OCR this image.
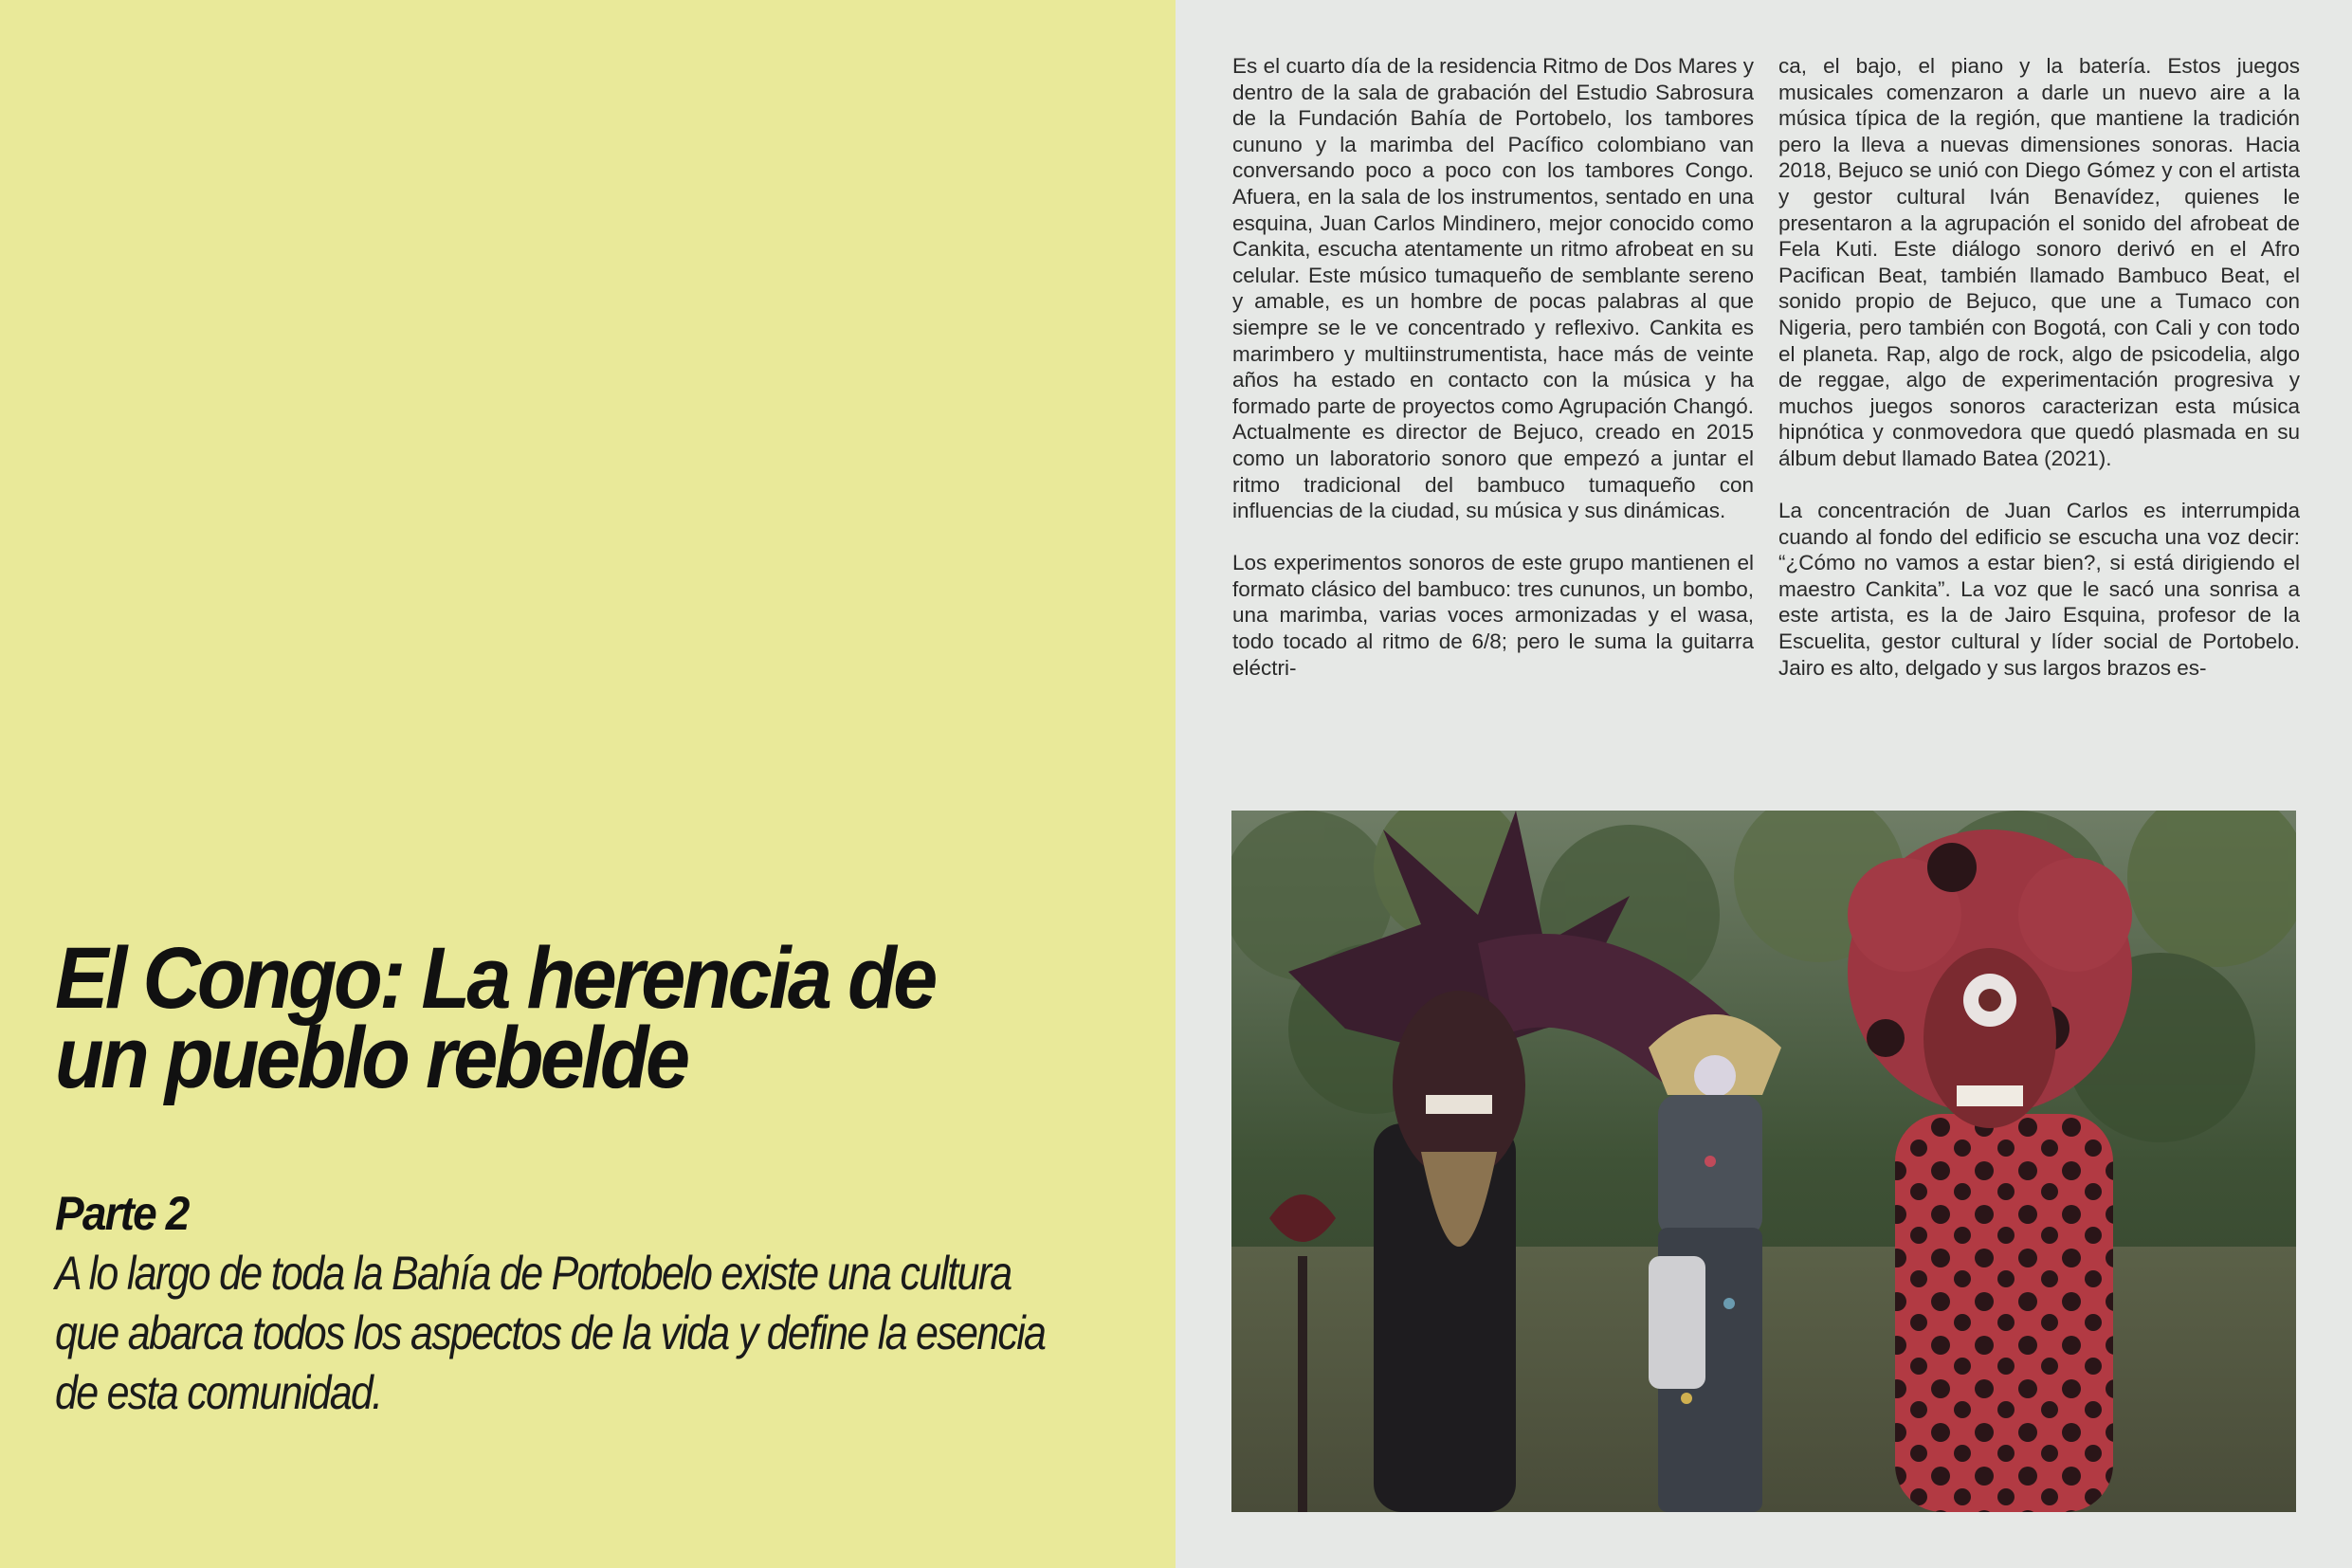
El Congo: La herencia de un pueblo rebelde
Parte 2

A lo largo de toda la Bahía de Portobelo existe una cultura que abarca todos los aspectos de la vida y define la esencia de esta comunidad.

Es el cuarto día de la residencia Ritmo de Dos Mares y dentro de la sala de grabación del Estudio Sabrosura de la Fundación Bahía de Portobelo, los tambores cununo y la marimba del Pacífico colombiano van conversando poco a poco con los tambores Congo. Afuera, en la sala de los instrumentos, sentado en una esquina, Juan Carlos Mindinero, mejor conocido como Cankita, escucha atentamente un ritmo afrobeat en su celular. Este músico tumaqueño de semblante sereno y amable, es un hombre de pocas palabras al que siempre se le ve concentrado y reflexivo. Cankita es marimbero y multiinstrumentista, hace más de veinte años ha estado en contacto con la música y ha formado parte de proyectos como Agrupación Changó. Actualmente es director de Bejuco, creado en 2015 como un laboratorio sonoro que empezó a juntar el ritmo tradicional del bambuco tumaqueño con influencias de la ciudad, su música y sus dinámicas.

Los experimentos sonoros de este grupo mantienen el formato clásico del bambuco: tres cununos, un bombo, una marimba, varias voces armonizadas y el wasa, todo tocado al ritmo de 6/8; pero le suma la guitarra eléctri-

ca, el bajo, el piano y la batería. Estos juegos musicales comenzaron a darle un nuevo aire a la música típica de la región, que mantiene la tradición pero la lleva a nuevas dimensiones sonoras. Hacia 2018, Bejuco se unió con Diego Gómez y con el artista y gestor cultural Iván Benavídez, quienes le presentaron a la agrupación el sonido del afrobeat de Fela Kuti. Este diálogo sonoro derivó en el Afro Pacifican Beat, también llamado Bambuco Beat, el sonido propio de Bejuco, que une a Tumaco con Nigeria, pero también con Bogotá, con Cali y con todo el planeta. Rap, algo de rock, algo de psicodelia, algo de reggae, algo de experimentación progresiva y muchos juegos sonoros caracterizan esta música hipnótica y conmovedora que quedó plasmada en su álbum debut llamado Batea (2021).

La concentración de Juan Carlos es interrumpida cuando al fondo del edificio se escucha una voz decir: “¿Cómo no vamos a estar bien?, si está dirigiendo el maestro Cankita”. La voz que le sacó una sonrisa a este artista, es la de Jairo Esquina, profesor de la Escuelita, gestor cultural y líder social de Portobelo. Jairo es alto, delgado y sus largos brazos es-
